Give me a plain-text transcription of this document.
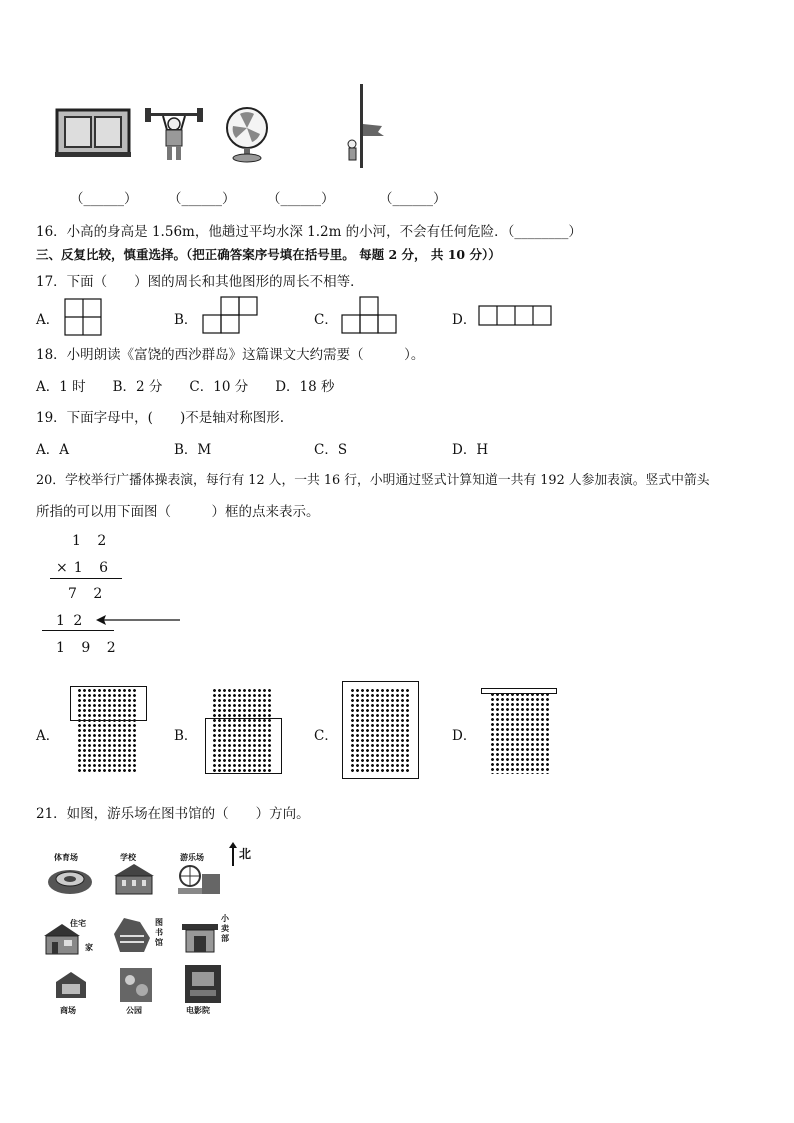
（______） （______） （______）	（______）
16．小高的身高是 1.56m，他趟过平均水深 1.2m 的小河，不会有任何危险．（________）
三、反复比较，慎重选择。（把正确答案序号填在括号里。 每题 2 分， 共 10 分））
17．下面（　　）图的周长和其他图形的周长不相等．
A．	B．	C．	D．
18．小明朗读《富饶的西沙群岛》这篇课文大约需要（　　　）。
A．1 时　　B．2 分　　C．10 分　　D．18 秒
19．下面字母中，(　　)不是轴对称图形.
A．A	B．M	C．S	D．H
20．学校举行广播体操表演，每行有 12 人，一共 16 行，小明通过竖式计算知道一共有 192 人参加表演。竖式中箭头
所指的可以用下面图（　　　）框的点来表示。
1 2
×1 6
7 2
1 2
1 9 2
A．	B．	C．	D．
21．如图，游乐场在图书馆的（　　）方向。
北
体育场	学校	游乐场
住宅
家
图书馆
小卖部
商场	公园	电影院
